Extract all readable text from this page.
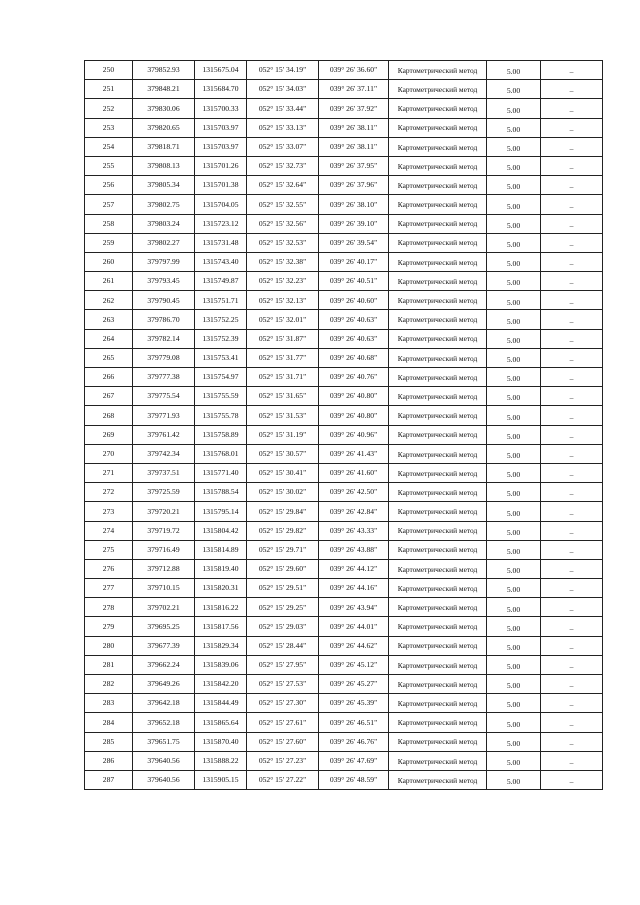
250	379852.93	1315675.04	052° 15' 34.19"	039° 26' 36.60"	Картометрический метод	5.00	–
251	379848.21	1315684.70	052° 15' 34.03"	039° 26' 37.11"	Картометрический метод	5.00	–
252	379830.06	1315700.33	052° 15' 33.44"	039° 26' 37.92"	Картометрический метод	5.00	–
253	379820.65	1315703.97	052° 15' 33.13"	039° 26' 38.11"	Картометрический метод	5.00	–
254	379818.71	1315703.97	052° 15' 33.07"	039° 26' 38.11"	Картометрический метод	5.00	–
255	379808.13	1315701.26	052° 15' 32.73"	039° 26' 37.95"	Картометрический метод	5.00	–
256	379805.34	1315701.38	052° 15' 32.64"	039° 26' 37.96"	Картометрический метод	5.00	–
257	379802.75	1315704.05	052° 15' 32.55"	039° 26' 38.10"	Картометрический метод	5.00	–
258	379803.24	1315723.12	052° 15' 32.56"	039° 26' 39.10"	Картометрический метод	5.00	–
259	379802.27	1315731.48	052° 15' 32.53"	039° 26' 39.54"	Картометрический метод	5.00	–
260	379797.99	1315743.40	052° 15' 32.38"	039° 26' 40.17"	Картометрический метод	5.00	–
261	379793.45	1315749.87	052° 15' 32.23"	039° 26' 40.51"	Картометрический метод	5.00	–
262	379790.45	1315751.71	052° 15' 32.13"	039° 26' 40.60"	Картометрический метод	5.00	–
263	379786.70	1315752.25	052° 15' 32.01"	039° 26' 40.63"	Картометрический метод	5.00	–
264	379782.14	1315752.39	052° 15' 31.87"	039° 26' 40.63"	Картометрический метод	5.00	–
265	379779.08	1315753.41	052° 15' 31.77"	039° 26' 40.68"	Картометрический метод	5.00	–
266	379777.38	1315754.97	052° 15' 31.71"	039° 26' 40.76"	Картометрический метод	5.00	–
267	379775.54	1315755.59	052° 15' 31.65"	039° 26' 40.80"	Картометрический метод	5.00	–
268	379771.93	1315755.78	052° 15' 31.53"	039° 26' 40.80"	Картометрический метод	5.00	–
269	379761.42	1315758.89	052° 15' 31.19"	039° 26' 40.96"	Картометрический метод	5.00	–
270	379742.34	1315768.01	052° 15' 30.57"	039° 26' 41.43"	Картометрический метод	5.00	–
271	379737.51	1315771.40	052° 15' 30.41"	039° 26' 41.60"	Картометрический метод	5.00	–
272	379725.59	1315788.54	052° 15' 30.02"	039° 26' 42.50"	Картометрический метод	5.00	–
273	379720.21	1315795.14	052° 15' 29.84"	039° 26' 42.84"	Картометрический метод	5.00	–
274	379719.72	1315804.42	052° 15' 29.82"	039° 26' 43.33"	Картометрический метод	5.00	–
275	379716.49	1315814.89	052° 15' 29.71"	039° 26' 43.88"	Картометрический метод	5.00	–
276	379712.88	1315819.40	052° 15' 29.60"	039° 26' 44.12"	Картометрический метод	5.00	–
277	379710.15	1315820.31	052° 15' 29.51"	039° 26' 44.16"	Картометрический метод	5.00	–
278	379702.21	1315816.22	052° 15' 29.25"	039° 26' 43.94"	Картометрический метод	5.00	–
279	379695.25	1315817.56	052° 15' 29.03"	039° 26' 44.01"	Картометрический метод	5.00	–
280	379677.39	1315829.34	052° 15' 28.44"	039° 26' 44.62"	Картометрический метод	5.00	–
281	379662.24	1315839.06	052° 15' 27.95"	039° 26' 45.12"	Картометрический метод	5.00	–
282	379649.26	1315842.20	052° 15' 27.53"	039° 26' 45.27"	Картометрический метод	5.00	–
283	379642.18	1315844.49	052° 15' 27.30"	039° 26' 45.39"	Картометрический метод	5.00	–
284	379652.18	1315865.64	052° 15' 27.61"	039° 26' 46.51"	Картометрический метод	5.00	–
285	379651.75	1315870.40	052° 15' 27.60"	039° 26' 46.76"	Картометрический метод	5.00	–
286	379640.56	1315888.22	052° 15' 27.23"	039° 26' 47.69"	Картометрический метод	5.00	–
287	379640.56	1315905.15	052° 15' 27.22"	039° 26' 48.59"	Картометрический метод	5.00	–
